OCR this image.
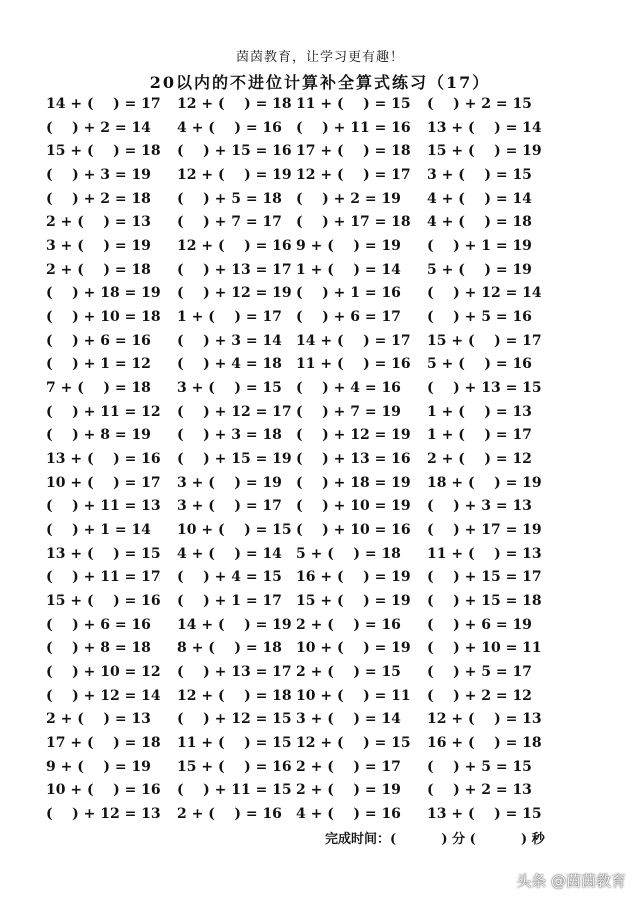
茵茵教育，让学习更有趣！
20以内的不进位计算补全算式练习（17）
14 + (    ) = 17 12 + (    ) = 18 11 + (    ) = 15 (    ) + 2 = 15
(    ) + 2 = 14 4 + (    ) = 16 (    ) + 11 = 16 13 + (    ) = 14
15 + (    ) = 18 (    ) + 15 = 16 17 + (    ) = 18 15 + (    ) = 19
(    ) + 3 = 19 12 + (    ) = 19 12 + (    ) = 17 3 + (    ) = 15
(    ) + 2 = 18 (    ) + 5 = 18 (    ) + 2 = 19 4 + (    ) = 14
2 + (    ) = 13 (    ) + 7 = 17 (    ) + 17 = 18 4 + (    ) = 18
3 + (    ) = 19 12 + (    ) = 16 9 + (    ) = 19 (    ) + 1 = 19
2 + (    ) = 18 (    ) + 13 = 17 1 + (    ) = 14 5 + (    ) = 19
(    ) + 18 = 19 (    ) + 12 = 19 (    ) + 1 = 16 (    ) + 12 = 14
(    ) + 10 = 18 1 + (    ) = 17 (    ) + 6 = 17 (    ) + 5 = 16
(    ) + 6 = 16 (    ) + 3 = 14 14 + (    ) = 17 15 + (    ) = 17
(    ) + 1 = 12 (    ) + 4 = 18 11 + (    ) = 16 5 + (    ) = 16
7 + (    ) = 18 3 + (    ) = 15 (    ) + 4 = 16 (    ) + 13 = 15
(    ) + 11 = 12 (    ) + 12 = 17 (    ) + 7 = 19 1 + (    ) = 13
(    ) + 8 = 19 (    ) + 3 = 18 (    ) + 12 = 19 1 + (    ) = 17
13 + (    ) = 16 (    ) + 15 = 19 (    ) + 13 = 16 2 + (    ) = 12
10 + (    ) = 17 3 + (    ) = 19 (    ) + 18 = 19 18 + (    ) = 19
(    ) + 11 = 13 3 + (    ) = 17 (    ) + 10 = 19 (    ) + 3 = 13
(    ) + 1 = 14 10 + (    ) = 15 (    ) + 10 = 16 (    ) + 17 = 19
13 + (    ) = 15 4 + (    ) = 14 5 + (    ) = 18 11 + (    ) = 13
(    ) + 11 = 17 (    ) + 4 = 15 16 + (    ) = 19 (    ) + 15 = 17
15 + (    ) = 16 (    ) + 1 = 17 15 + (    ) = 19 (    ) + 15 = 18
(    ) + 6 = 16 14 + (    ) = 19 2 + (    ) = 16 (    ) + 6 = 19
(    ) + 8 = 18 8 + (    ) = 18 10 + (    ) = 19 (    ) + 10 = 11
(    ) + 10 = 12 (    ) + 13 = 17 2 + (    ) = 15 (    ) + 5 = 17
(    ) + 12 = 14 12 + (    ) = 18 10 + (    ) = 11 (    ) + 2 = 12
2 + (    ) = 13 (    ) + 12 = 15 3 + (    ) = 14 12 + (    ) = 13
17 + (    ) = 18 11 + (    ) = 15 12 + (    ) = 15 16 + (    ) = 18
9 + (    ) = 19 15 + (    ) = 16 2 + (    ) = 17 (    ) + 5 = 15
10 + (    ) = 16 (    ) + 11 = 15 2 + (    ) = 19 (    ) + 2 = 13
(    ) + 12 = 13 2 + (    ) = 16 4 + (    ) = 16 13 + (    ) = 15
完成时间：(          ) 分 (          ) 秒
头条 @茵茵教育
